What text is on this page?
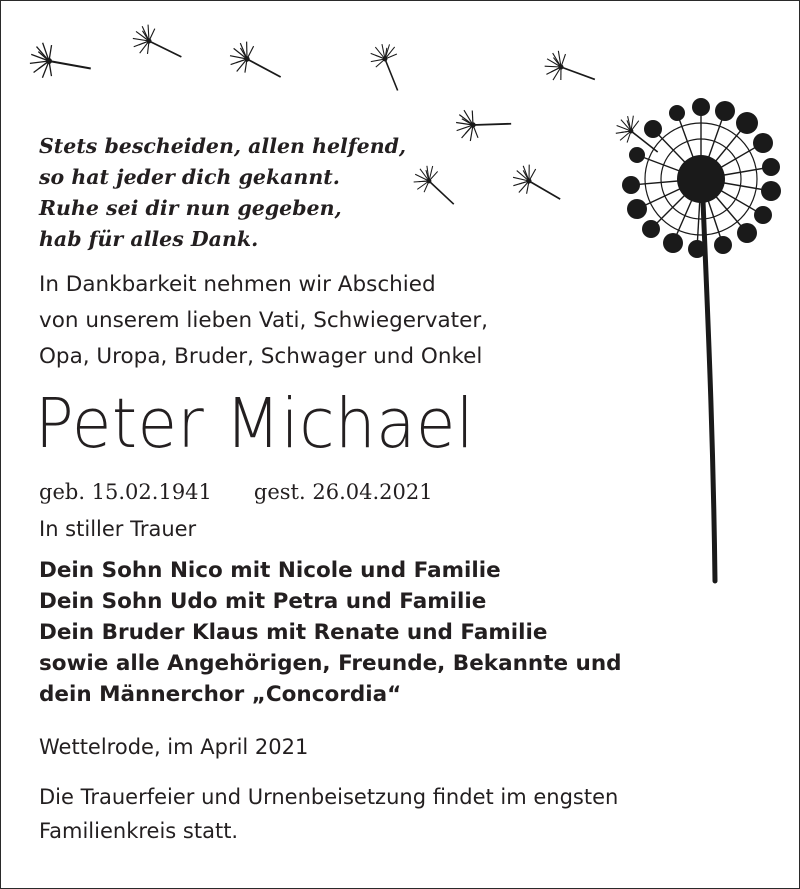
Stets bescheiden, allen helfend,
so hat jeder dich gekannt.
Ruhe sei dir nun gegeben,
hab für alles Dank.
In Dankbarkeit nehmen wir Abschied
von unserem lieben Vati, Schwiegervater,
Opa, Uropa, Bruder, Schwager und Onkel
Peter Michael
geb. 15.02.1941 gest. 26.04.2021
In stiller Trauer
Dein Sohn Nico mit Nicole und Familie
Dein Sohn Udo mit Petra und Familie
Dein Bruder Klaus mit Renate und Familie
sowie alle Angehörigen, Freunde, Bekannte und
dein Männerchor „Concordia“
Wettelrode, im April 2021
Die Trauerfeier und Urnenbeisetzung findet im engsten
Familienkreis statt.
